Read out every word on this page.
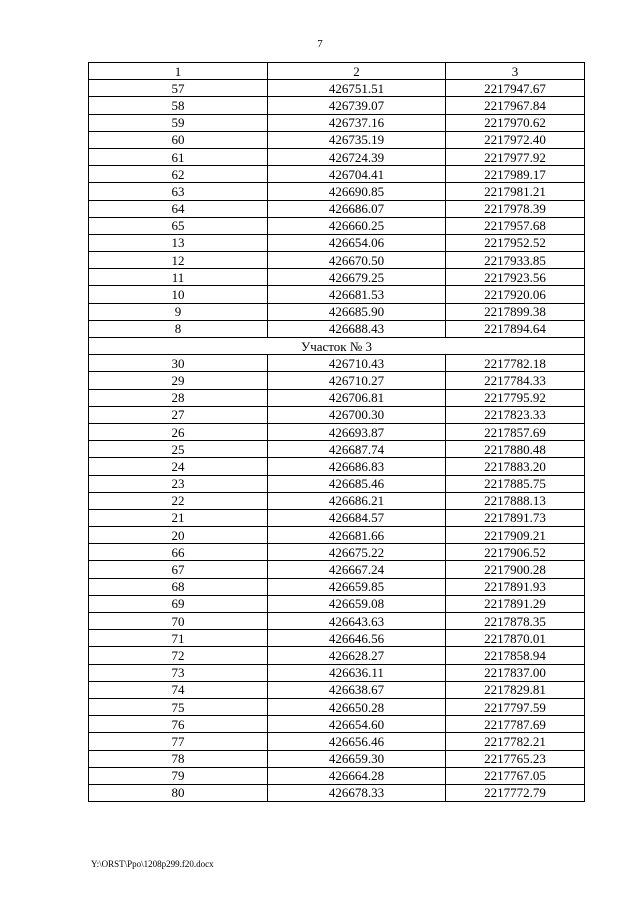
7
1	2	3
57	426751.51	2217947.67
58	426739.07	2217967.84
59	426737.16	2217970.62
60	426735.19	2217972.40
61	426724.39	2217977.92
62	426704.41	2217989.17
63	426690.85	2217981.21
64	426686.07	2217978.39
65	426660.25	2217957.68
13	426654.06	2217952.52
12	426670.50	2217933.85
11	426679.25	2217923.56
10	426681.53	2217920.06
9	426685.90	2217899.38
8	426688.43	2217894.64
Участок № 3		
30	426710.43	2217782.18
29	426710.27	2217784.33
28	426706.81	2217795.92
27	426700.30	2217823.33
26	426693.87	2217857.69
25	426687.74	2217880.48
24	426686.83	2217883.20
23	426685.46	2217885.75
22	426686.21	2217888.13
21	426684.57	2217891.73
20	426681.66	2217909.21
66	426675.22	2217906.52
67	426667.24	2217900.28
68	426659.85	2217891.93
69	426659.08	2217891.29
70	426643.63	2217878.35
71	426646.56	2217870.01
72	426628.27	2217858.94
73	426636.11	2217837.00
74	426638.67	2217829.81
75	426650.28	2217797.59
76	426654.60	2217787.69
77	426656.46	2217782.21
78	426659.30	2217765.23
79	426664.28	2217767.05
80	426678.33	2217772.79
Y:\ORST\Ppo\1208p299.f20.docx
